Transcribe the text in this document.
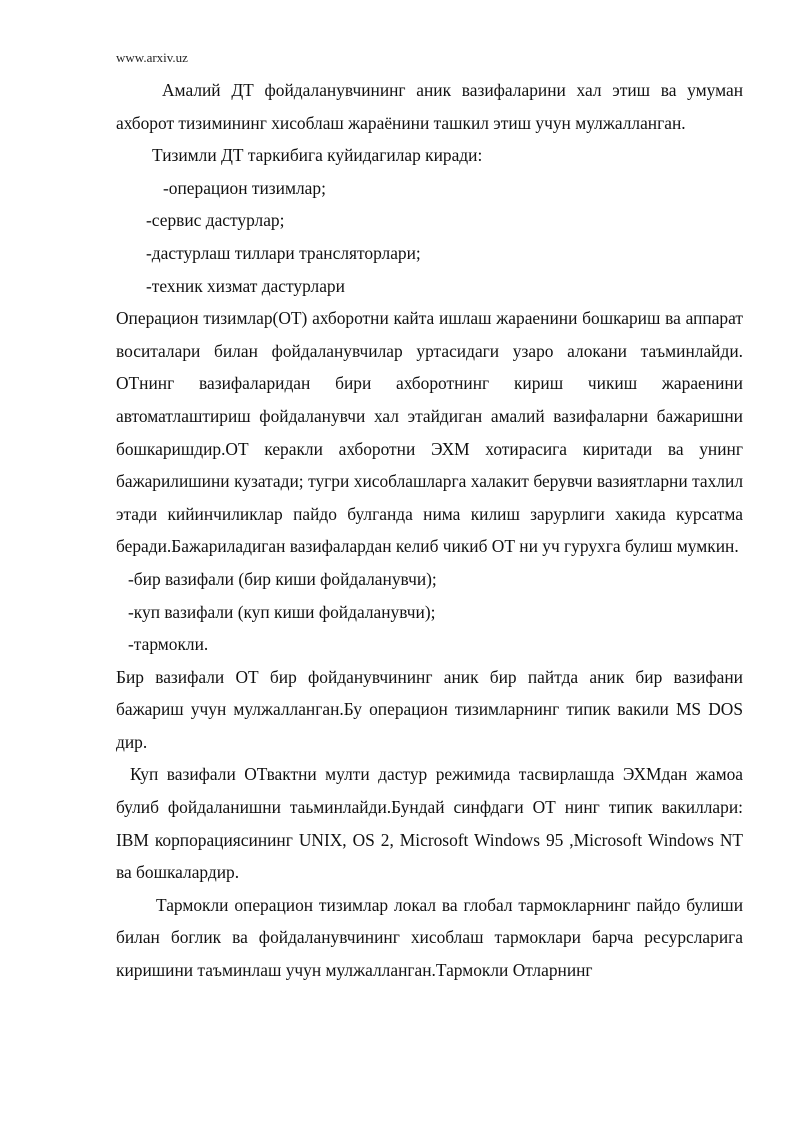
www.arxiv.uz

Амалий ДТ фойдаланувчининг аник вазифаларини хал этиш ва умуман ахборот тизимининг хисоблаш жараёнини ташкил этиш учун мулжалланган.

Тизимли ДТ таркибига куйидагилар киради:

-операцион тизимлар;

-сервис дастурлар;

-дастурлаш тиллари трансляторлари;

-техник хизмат дастурлари

Операцион тизимлар(ОТ) ахборотни кайта ишлаш жараенини бошкариш ва аппарат воситалари билан фойдаланувчилар уртасидаги узаро алокани таъминлайди. ОТнинг вазифаларидан бири ахборотнинг кириш чикиш жараенини автоматлаштириш фойдаланувчи хал этайдиган амалий вазифаларни бажаришни бошкаришдир.ОТ керакли ахборотни ЭХМ хотирасига киритади ва унинг бажарилишини кузатади; тугри хисоблашларга халакит берувчи вазиятларни тахлил этади кийинчиликлар пайдо булганда нима килиш зарурлиги хакида курсатма беради.Бажариладиган вазифалардан келиб чикиб ОТ ни уч гурухга булиш мумкин.

-бир вазифали (бир киши фойдаланувчи);

-куп вазифали (куп киши фойдаланувчи);

-тармокли.

Бир вазифали ОТ бир фойданувчининг аник бир пайтда аник бир вазифани бажариш учун мулжалланган.Бу операцион тизимларнинг типик вакили MS DOS дир.

Куп вазифали ОТвактни мулти дастур режимида тасвирлашда ЭХМдан жамоа булиб фойдаланишни таьминлайди.Бундай синфдаги ОТ нинг типик вакиллари: IBM корпорациясининг UNIX, OS 2, Microsoft Windows 95 ,Microsoft Windows NT ва бошкалардир.

Тармокли операцион тизимлар локал ва глобал тармокларнинг пайдо булиши билан боглик ва фойдаланувчининг хисоблаш тармоклари барча ресурсларига киришини таъминлаш учун мулжалланган.Тармокли Отларнинг
